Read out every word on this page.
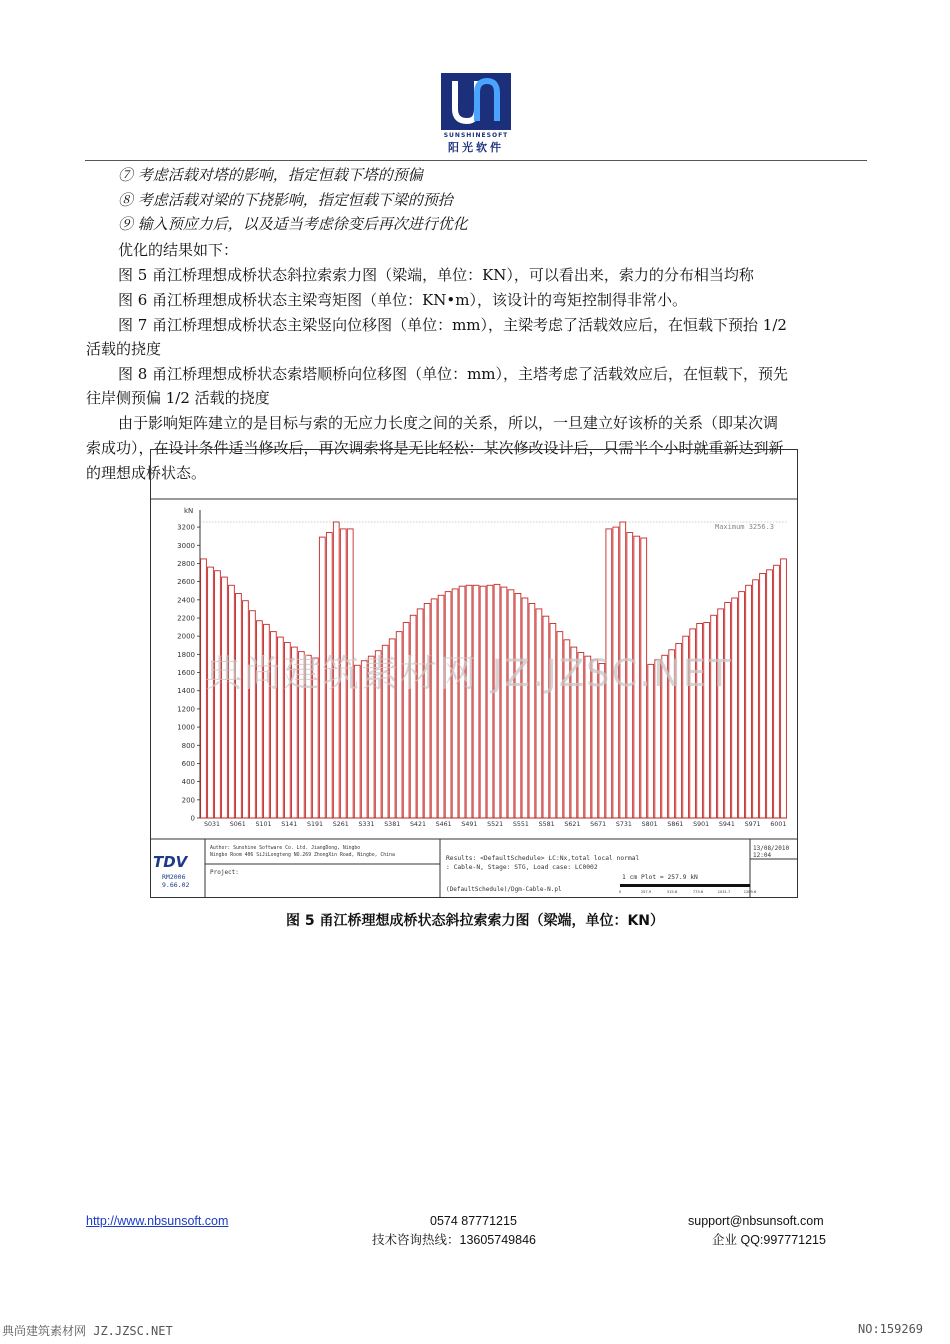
SUNSHINESOFT
阳光软件
⑦ 考虑活载对塔的影响，指定恒载下塔的预偏
⑧ 考虑活载对梁的下挠影响，指定恒载下梁的预抬
⑨ 输入预应力后，以及适当考虑徐变后再次进行优化
优化的结果如下：
图 5 甬江桥理想成桥状态斜拉索索力图（梁端，单位：KN），可以看出来，索力的分布相当均称
图 6 甬江桥理想成桥状态主梁弯矩图（单位：KN•m），该设计的弯矩控制得非常小。
图 7 甬江桥理想成桥状态主梁竖向位移图（单位：mm），主梁考虑了活载效应后，在恒载下预抬 1/2
活载的挠度
图 8 甬江桥理想成桥状态索塔顺桥向位移图（单位：mm），主塔考虑了活载效应后，在恒载下，预先
往岸侧预偏 1/2 活载的挠度
由于影响矩阵建立的是目标与索的无应力长度之间的关系，所以，一旦建立好该桥的关系（即某次调
索成功），在设计条件适当修改后，再次调索将是无比轻松：某次修改设计后，只需半个小时就重新达到新
的理想成桥状态。
kN
0
200
400
600
800
1000
1200
1400
1600
1800
2000
2200
2400
2600
2800
3000
3200
S031 S061 S101 S141 S191 S261 S331 S381 S421 S461 S491 S521 S551 S581 S621 S671 S731 S801 S861 S901 S941 S971 6001
Maximum 3256.3
TDV
RM2006
9.66.02
Author: Sunshine Software Co. Ltd. JiangDong, Ningbo
Ningbo Room 406 SiJiLongteng NO.269 ZhongXin Road, Ningbo, China
Project:
Results: <DefaultSchedule> LC:Nx,total local normal
: Cable-N, Stage: STG, Load case: LC0002
1 cm Plot = 257.9 kN
(DefaultSchedule)/Dgm-Cable-N.pl	0	257.9	515.8	773.6	1031.7	1289.6
13/08/2010
12:04
典尚建筑素材网 JZ.JZSC.NET
图 5 甬江桥理想成桥状态斜拉索索力图（梁端，单位：KN）
http://www.nbsunsoft.com	0574 87771215
技术咨询热线：13605749846
support@nbsunsoft.com
企业 QQ:997771215
典尚建筑素材网 JZ.JZSC.NET	NO:159269
